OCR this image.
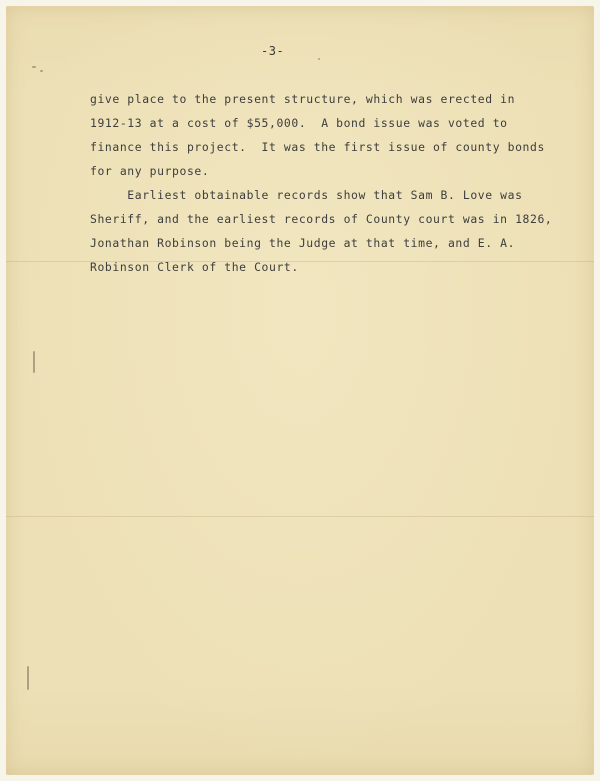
-3-
give place to the present structure, which was erected in
1912-13 at a cost of $55,000.  A bond issue was voted to
finance this project.  It was the first issue of county bonds
for any purpose.
Earliest obtainable records show that Sam B. Love was
Sheriff, and the earliest records of County court was in 1826,
Jonathan Robinson being the Judge at that time, and E. A.
Robinson Clerk of the Court.
